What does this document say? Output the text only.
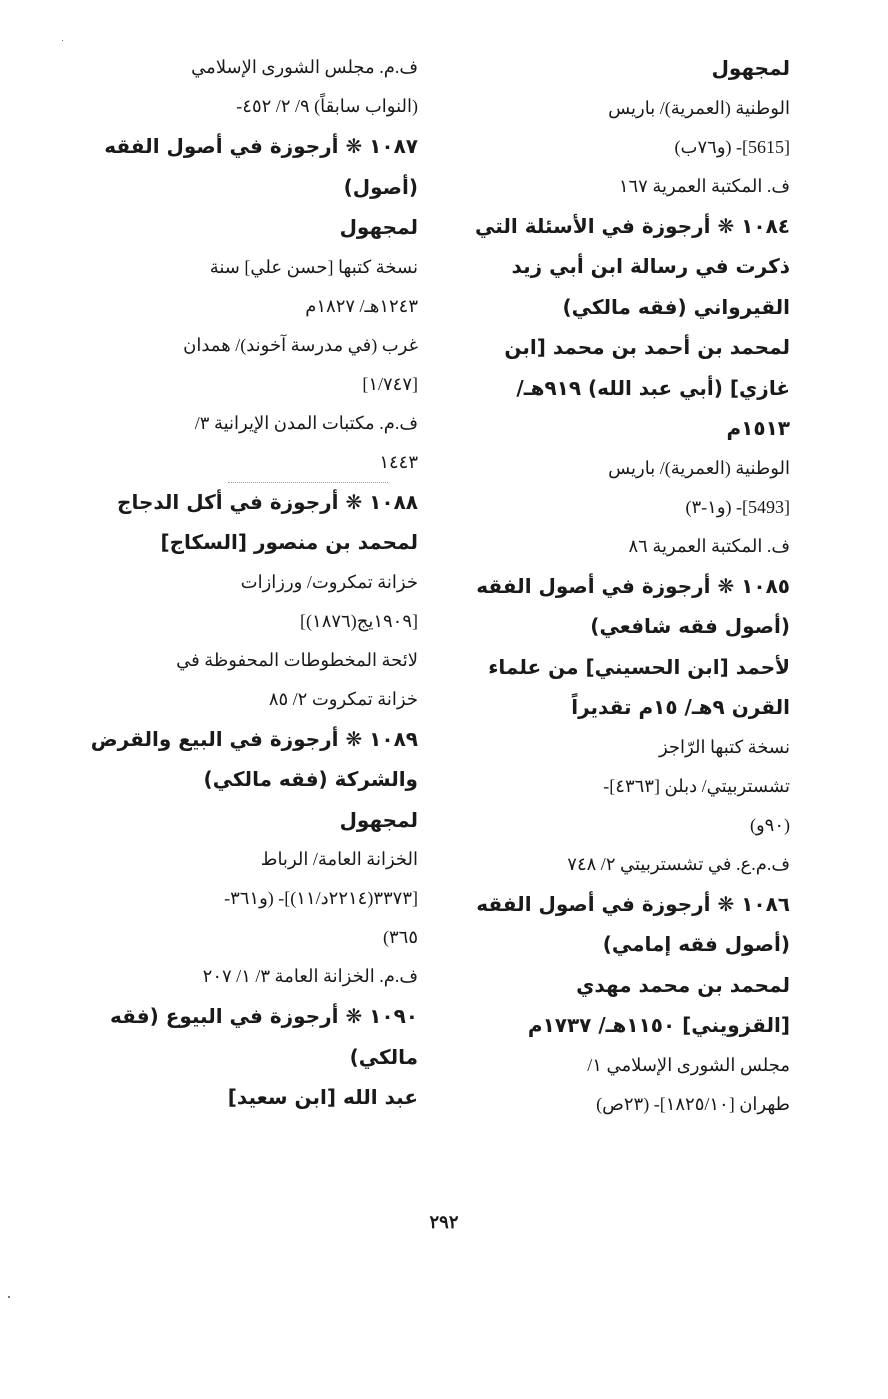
لمجهول
الوطنية (العمرية)/ باريس
[5615]- (و٧٦ب)
ف. المكتبة العمرية ١٦٧
١٠٨٤ ❋ أرجوزة في الأسئلة التي
ذكرت في رسالة ابن أبي زيد
القيرواني (فقه مالكي)
لمحمد بن أحمد بن محمد [ابن
غازي] (أبي عبد الله) ٩١٩هـ/
١٥١٣م
الوطنية (العمرية)/ باريس
[5493]- (و١-٣)
ف. المكتبة العمرية ٨٦
١٠٨٥ ❋ أرجوزة في أصول الفقه
(أصول فقه شافعي)
لأحمد [ابن الحسيني] من علماء
القرن ٩هـ/ ١٥م تقديراً
نسخة كتبها الرّاجز
تشستربيتي/ دبلن [٤٣٦٣]-
(٩٠و)
ف.م.ع. في تشستربيتي ٢/ ٧٤٨
١٠٨٦ ❋ أرجوزة في أصول الفقه
(أصول فقه إمامي)
لمحمد بن محمد مهدي
[القزويني] ١١٥٠هـ/ ١٧٣٧م
مجلس الشورى الإسلامي ١/
طهران [١٨٢٥/١٠]- (٢٣ص)
ف.م. مجلس الشورى الإسلامي
(النواب سابقاً) ٩/ ٢/ ٤٥٢-
١٠٨٧ ❋ أرجوزة في أصول الفقه
(أصول)
لمجهول
نسخة كتبها [حسن علي] سنة
١٢٤٣هـ/ ١٨٢٧م
غرب (في مدرسة آخوند)/ همدان
[١/٧٤٧]
ف.م. مكتبات المدن الإيرانية ٣/
١٤٤٣
١٠٨٨ ❋ أرجوزة في أكل الدجاج
لمحمد بن منصور [السكاج]
خزانة تمكروت/ ورزازات
[١٩٠٩يج(١٨٧٦)]
لائحة المخطوطات المحفوظة في
خزانة تمكروت ٢/ ٨٥
١٠٨٩ ❋ أرجوزة في البيع والقرض
والشركة (فقه مالكي)
لمجهول
الخزانة العامة/ الرباط
[٣٣٧٣(٢٢١٤د/١١)]- (و٣٦١-
٣٦٥)
ف.م. الخزانة العامة ٣/ ١/ ٢٠٧
١٠٩٠ ❋ أرجوزة في البيوع (فقه
مالكي)
عبد الله [ابن سعيد]
٢٩٢
